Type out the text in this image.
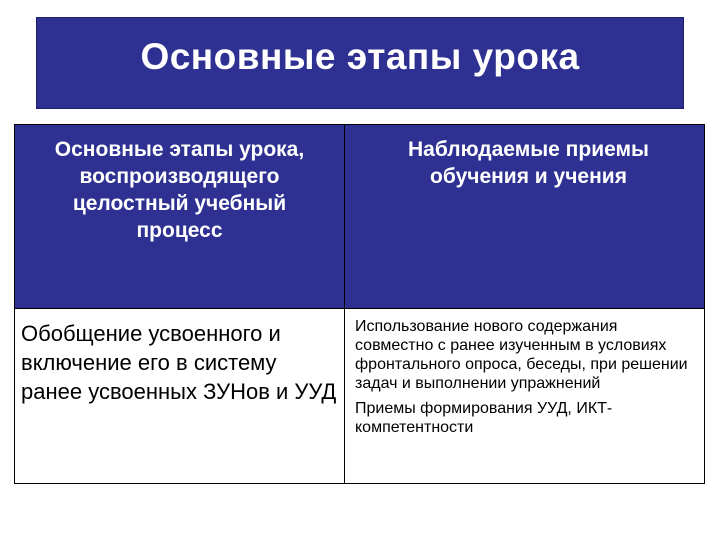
Основные этапы урока
Основные этапы урока, воспроизводящего целостный учебный процесс	Наблюдаемые приемы обучения и учения

Обобщение усвоенного и включение его в систему ранее усвоенных ЗУНов и УУД	Использование нового содержания совместно с ранее изученным в условиях фронтального опроса, беседы, при решении задач и выполнении упражнений

Приемы формирования УУД, ИКТ-компетентности
